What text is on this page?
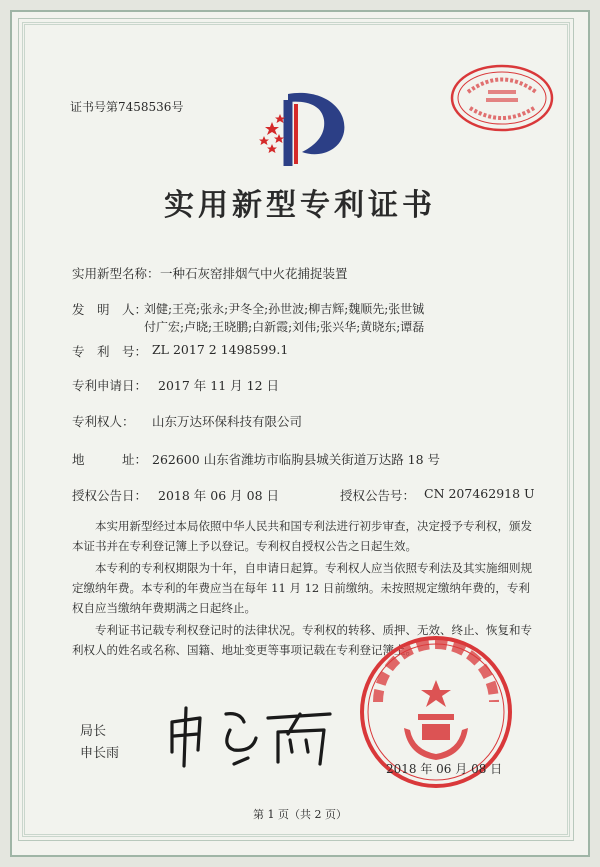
证书号第7458536号
实用新型专利证书
实用新型名称： 一种石灰窑排烟气中火花捕捉装置
发　明　人：
刘健;王亮;张永;尹冬全;孙世波;柳吉辉;魏顺先;张世铖
付广宏;卢晓;王晓鹏;白新霞;刘伟;张兴华;黄晓东;谭磊
专　利　号： ZL 2017 2 1498599.1
专利申请日： 2017 年 11 月 12 日
专利权人： 山东万达环保科技有限公司
地　　　址： 262600 山东省潍坊市临朐县城关街道万达路 18 号
授权公告日： 2018 年 06 月 08 日	授权公告号： CN 207462918 U
本实用新型经过本局依照中华人民共和国专利法进行初步审查，决定授予专利权，颁发本证书并在专利登记簿上予以登记。专利权自授权公告之日起生效。
本专利的专利权期限为十年，自申请日起算。专利权人应当依照专利法及其实施细则规定缴纳年费。本专利的年费应当在每年 11 月 12 日前缴纳。未按照规定缴纳年费的，专利权自应当缴纳年费期满之日起终止。
专利证书记载专利权登记时的法律状况。专利权的转移、质押、无效、终止、恢复和专利权人的姓名或名称、国籍、地址变更等事项记载在专利登记簿上。
局长
申长雨
2018 年 06 月 08 日
第 1 页（共 2 页）
